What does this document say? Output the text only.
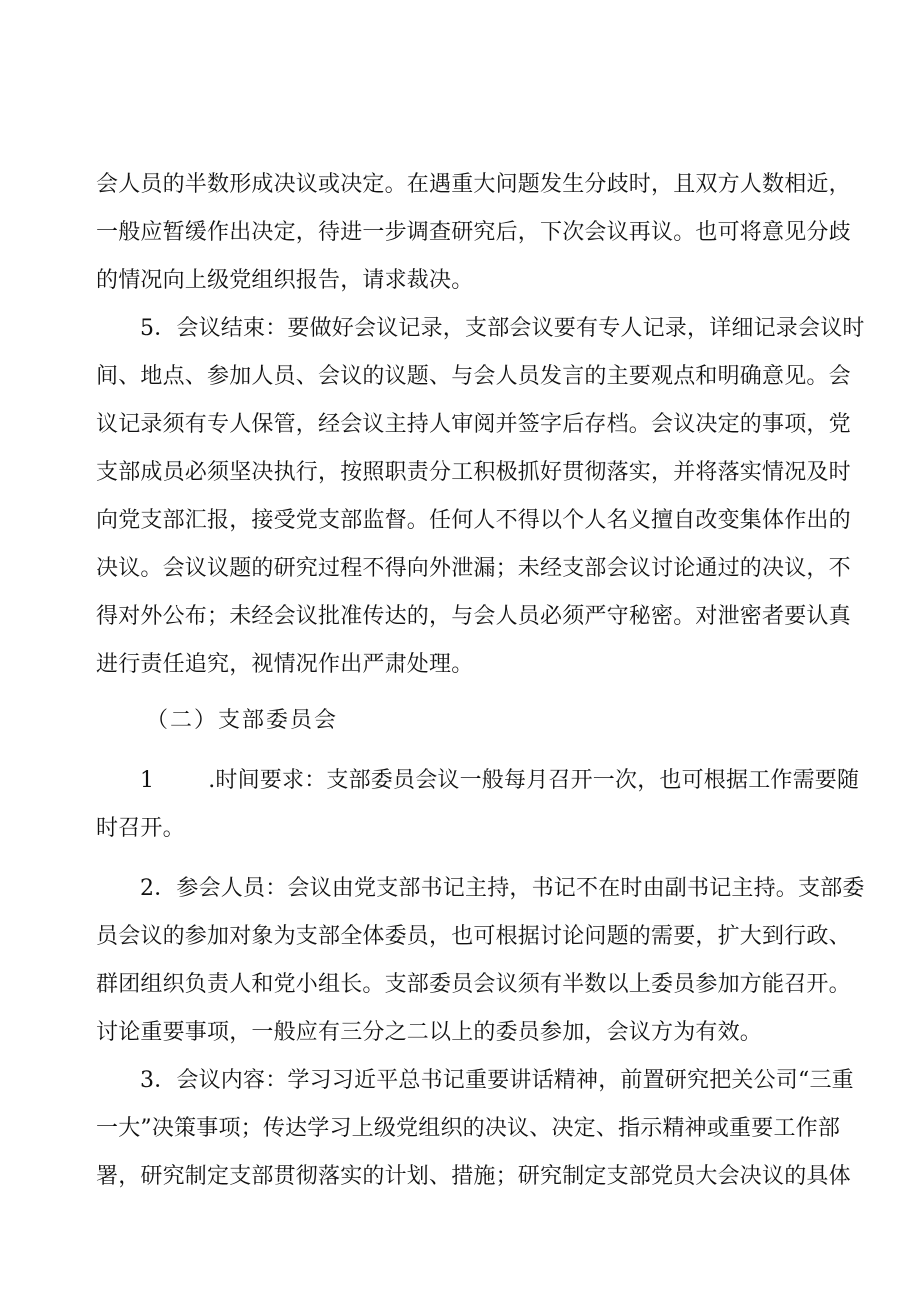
会人员的半数形成决议或决定。在遇重大问题发生分歧时，且双方人数相近，
一般应暂缓作出决定，待进一步调查研究后，下次会议再议。也可将意见分歧
的情况向上级党组织报告，请求裁决。
5．会议结束：要做好会议记录，支部会议要有专人记录，详细记录会议时
间、地点、参加人员、会议的议题、与会人员发言的主要观点和明确意见。会
议记录须有专人保管，经会议主持人审阅并签字后存档。会议决定的事项，党
支部成员必须坚决执行，按照职责分工积极抓好贯彻落实，并将落实情况及时
向党支部汇报，接受党支部监督。任何人不得以个人名义擅自改变集体作出的
决议。会议议题的研究过程不得向外泄漏；未经支部会议讨论通过的决议，不
得对外公布；未经会议批准传达的，与会人员必须严守秘密。对泄密者要认真
进行责任追究，视情况作出严肃处理。
（二）支部委员会
1 .时间要求：支部委员会议一般每月召开一次，也可根据工作需要随
时召开。
2．参会人员：会议由党支部书记主持，书记不在时由副书记主持。支部委
员会议的参加对象为支部全体委员，也可根据讨论问题的需要，扩大到行政、
群团组织负责人和党小组长。支部委员会议须有半数以上委员参加方能召开。
讨论重要事项，一般应有三分之二以上的委员参加，会议方为有效。
3．会议内容：学习习近平总书记重要讲话精神，前置研究把关公司“三重
一大”决策事项；传达学习上级党组织的决议、决定、指示精神或重要工作部
署，研究制定支部贯彻落实的计划、措施；研究制定支部党员大会决议的具体
